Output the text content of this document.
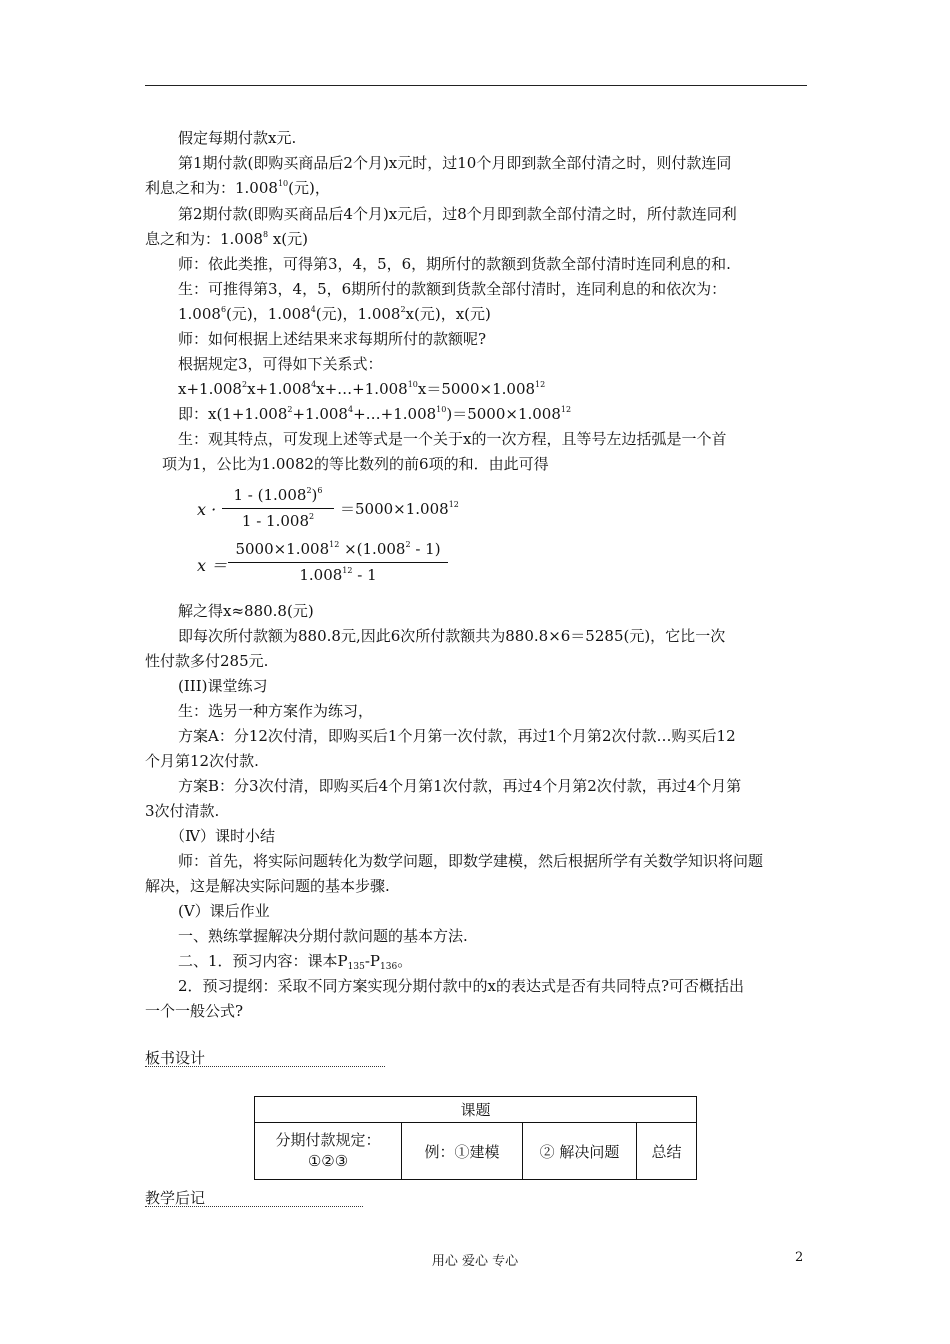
假定每期付款x元.
第1期付款(即购买商品后2个月)x元时，过10个月即到款全部付清之时，则付款连同
利息之和为：1.008$^{10}$(元)，
第2期付款(即购买商品后4个月)x元后，过8个月即到款全部付清之时，所付款连同利
息之和为：1.008$^8$ x(元)
师：依此类推，可得第3，4，5，6，期所付的款额到货款全部付清时连同利息的和.
生：可推得第3，4，5，6期所付的款额到货款全部付清时，连同利息的和依次为：
1.008$^6$(元)，1.008$^4$(元)，1.008$^2$x(元)，x(元)
师：如何根据上述结果来求每期所付的款额呢?
根据规定3，可得如下关系式：
$x+1.008^2x+1.008^4x+\dots+1.008^{10}x=5000\times 1.008^{12}$
即：$x(1+1.008^2+1.008^4+\dots+1.008^{10})=5000\times 1.008^{12}$
生：观其特点，可发现上述等式是一个关于x的一次方程，且等号左边括弧是一个首
项为1，公比为1.0082的等比数列的前6项的和．由此可得
x ·
$1 - (1.008^2)^6$
$1 - 1.008^2$	$=5000\times 1.008^{12}$
x ＝
$5000\times 1.008^{12} \times(1.008^2 - 1)$
1.008$^{12}$ - 1
解之得x≈880.8(元)
即每次所付款额为880.8元,因此6次所付款额共为880.8×6＝5285(元)，它比一次
性付款多付285元.
(III)课堂练习
生：选另一种方案作为练习，
方案A：分12次付清，即购买后1个月第一次付款，再过1个月第2次付款…购买后12
个月第12次付款.
方案B：分3次付清，即购买后4个月第1次付款，再过4个月第2次付款，再过4个月第
3次付清款.
（Ⅳ）课时小结
师：首先，将实际问题转化为数学问题，即数学建模，然后根据所学有关数学知识将问题
解决，这是解决实际问题的基本步骤.
(V）课后作业
一、熟练掌握解决分期付款问题的基本方法.
二、1．预习内容：课本$P_{135}-P_{136}$。
2．预习提纲：采取不同方案实现分期付款中的x的表达式是否有共同特点?可否概括出
一个一般公式?
板书设计
课题

分期付款规定：
①②③
	例：①建模	② 解决问题	总结
教学后记
用心 爱心 专心	2
